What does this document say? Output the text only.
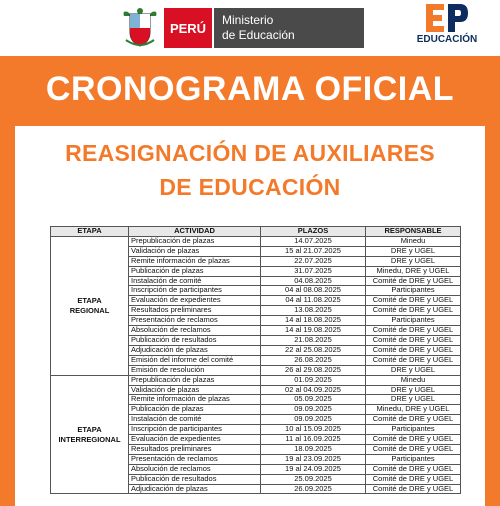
PERÚ
Ministerio
de Educación	EDUCACIÓN
CRONOGRAMA OFICIAL
REASIGNACIÓN DE AUXILIARES
DE EDUCACIÓN
ETAPA	ACTIVIDAD	PLAZOS	RESPONSABLE

ETAPA
REGIONAL	Prepublicación de plazas	14.07.2025	Minedu
	Validación de plazas	15 al 21.07.2025	DRE y UGEL
	Remite información de plazas	22.07.2025	DRE y UGEL
	Publicación de plazas	31.07.2025	Minedu, DRE y UGEL
	Instalación de comité	04.08.2025	Comité de DRE y UGEL
	Inscripción de participantes	04 al 08.08.2025	Participantes
	Evaluación de expedientes	04 al 11.08.2025	Comité de DRE y UGEL
	Resultados preliminares	13.08.2025	Comité de DRE y UGEL
	Presentación de reclamos	14 al 18.08.2025	Participantes
	Absolución de reclamos	14 al 19.08.2025	Comité de DRE y UGEL
	Publicación de resultados	21.08.2025	Comité de DRE y UGEL
	Adjudicación de plazas	22 al 25.08.2025	Comité de DRE y UGEL
	Emisión del informe del comité	26.08.2025	Comité de DRE y UGEL
	Emisión de resolución	26 al 29.08.2025	DRE y UGEL

ETAPA
INTERREGIONAL	Prepublicación de plazas	01.09.2025	Minedu
	Validación de plazas	02 al 04.09.2025	DRE y UGEL
	Remite información de plazas	05.09.2025	DRE y UGEL
	Publicación de plazas	09.09.2025	Minedu, DRE y UGEL
	Instalación de comité	09.09.2025	Comité de DRE y UGEL
	Inscripción de participantes	10 al 15.09.2025	Participantes
	Evaluación de expedientes	11 al 16.09.2025	Comité de DRE y UGEL
	Resultados preliminares	18.09.2025	Comité de DRE y UGEL
	Presentación de reclamos	19 al 23.09.2025	Participantes
	Absolución de reclamos	19 al 24.09.2025	Comité de DRE y UGEL
	Publicación de resultados	25.09.2025	Comité de DRE y UGEL
	Adjudicación de plazas	26.09.2025	Comité de DRE y UGEL
